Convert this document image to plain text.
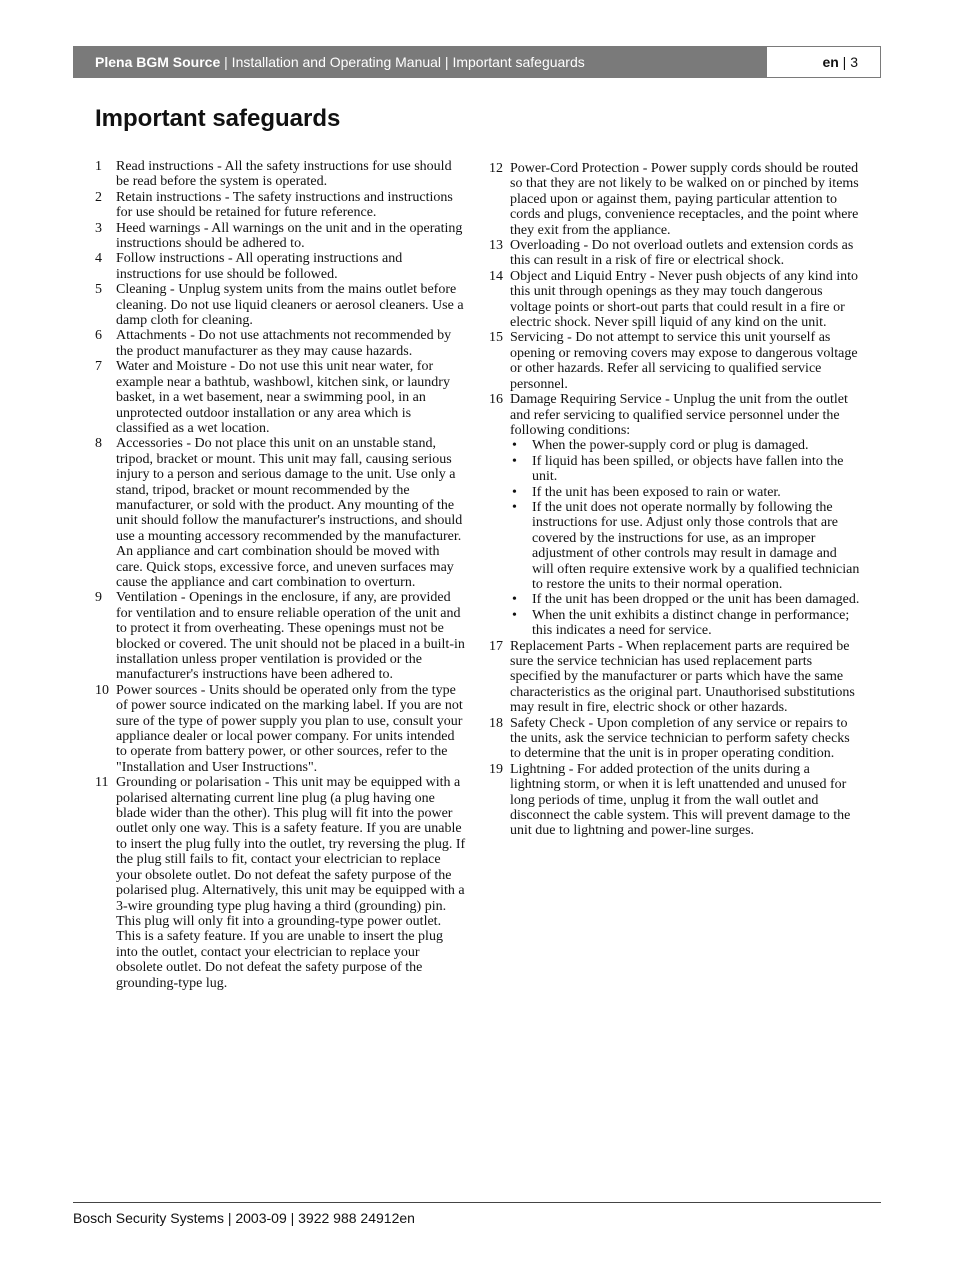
Plena BGM Source | Installation and Operating Manual | Important safeguards	en | 3
Important safeguards
1 Read instructions - All the safety instructions for use should be read before the system is operated.
2 Retain instructions - The safety instructions and instructions for use should be retained for future reference.
3 Heed warnings - All warnings on the unit and in the operating instructions should be adhered to.
4 Follow instructions - All operating instructions and instructions for use should be followed.
5 Cleaning - Unplug system units from the mains outlet before cleaning. Do not use liquid cleaners or aerosol cleaners. Use a damp cloth for cleaning.
6 Attachments - Do not use attachments not recommended by the product manufacturer as they may cause hazards.
7 Water and Moisture - Do not use this unit near water, for example near a bathtub, washbowl, kitchen sink, or laundry basket, in a wet basement, near a swimming pool, in an unprotected outdoor installation or any area which is classified as a wet location.
8 Accessories - Do not place this unit on an unstable stand, tripod, bracket or mount. This unit may fall, causing serious injury to a person and serious damage to the unit. Use only a stand, tripod, bracket or mount recommended by the manufacturer, or sold with the product. Any mounting of the unit should follow the manufacturer's instructions, and should use a mounting accessory recommended by the manufacturer. An appliance and cart combination should be moved with care. Quick stops, excessive force, and uneven surfaces may cause the appliance and cart combination to overturn.
9 Ventilation - Openings in the enclosure, if any, are provided for ventilation and to ensure reliable operation of the unit and to protect it from overheating. These openings must not be blocked or covered. The unit should not be placed in a built-in installation unless proper ventilation is provided or the manufacturer's instructions have been adhered to.
10 Power sources - Units should be operated only from the type of power source indicated on the marking label. If you are not sure of the type of power supply you plan to use, consult your appliance dealer or local power company. For units intended to operate from battery power, or other sources, refer to the "Installation and User Instructions".
11 Grounding or polarisation - This unit may be equipped with a polarised alternating current line plug (a plug having one blade wider than the other). This plug will fit into the power outlet only one way. This is a safety feature. If you are unable to insert the plug fully into the outlet, try reversing the plug. If the plug still fails to fit, contact your electrician to replace your obsolete outlet. Do not defeat the safety purpose of the polarised plug. Alternatively, this unit may be equipped with a 3-wire grounding type plug having a third (grounding) pin. This plug will only fit into a grounding-type power outlet. This is a safety feature. If you are unable to insert the plug into the outlet, contact your electrician to replace your obsolete outlet. Do not defeat the safety purpose of the grounding-type lug.
12 Power-Cord Protection - Power supply cords should be routed so that they are not likely to be walked on or pinched by items placed upon or against them, paying particular attention to cords and plugs, convenience receptacles, and the point where they exit from the appliance.
13 Overloading - Do not overload outlets and extension cords as this can result in a risk of fire or electrical shock.
14 Object and Liquid Entry - Never push objects of any kind into this unit through openings as they may touch dangerous voltage points or short-out parts that could result in a fire or electric shock. Never spill liquid of any kind on the unit.
15 Servicing - Do not attempt to service this unit yourself as opening or removing covers may expose to dangerous voltage or other hazards. Refer all servicing to qualified service personnel.
16 Damage Requiring Service - Unplug the unit from the outlet and refer servicing to qualified service personnel under the following conditions:
• When the power-supply cord or plug is damaged.
• If liquid has been spilled, or objects have fallen into the unit.
• If the unit has been exposed to rain or water.
• If the unit does not operate normally by following the instructions for use. Adjust only those controls that are covered by the instructions for use, as an improper adjustment of other controls may result in damage and will often require extensive work by a qualified technician to restore the units to their normal operation.
• If the unit has been dropped or the unit has been damaged.
• When the unit exhibits a distinct change in performance; this indicates a need for service.
17 Replacement Parts - When replacement parts are required be sure the service technician has used replacement parts specified by the manufacturer or parts which have the same characteristics as the original part. Unauthorised substitutions may result in fire, electric shock or other hazards.
18 Safety Check - Upon completion of any service or repairs to the units, ask the service technician to perform safety checks to determine that the unit is in proper operating condition.
19 Lightning - For added protection of the units during a lightning storm, or when it is left unattended and unused for long periods of time, unplug it from the wall outlet and disconnect the cable system. This will prevent damage to the unit due to lightning and power-line surges.
Bosch Security Systems | 2003-09 | 3922 988 24912en
